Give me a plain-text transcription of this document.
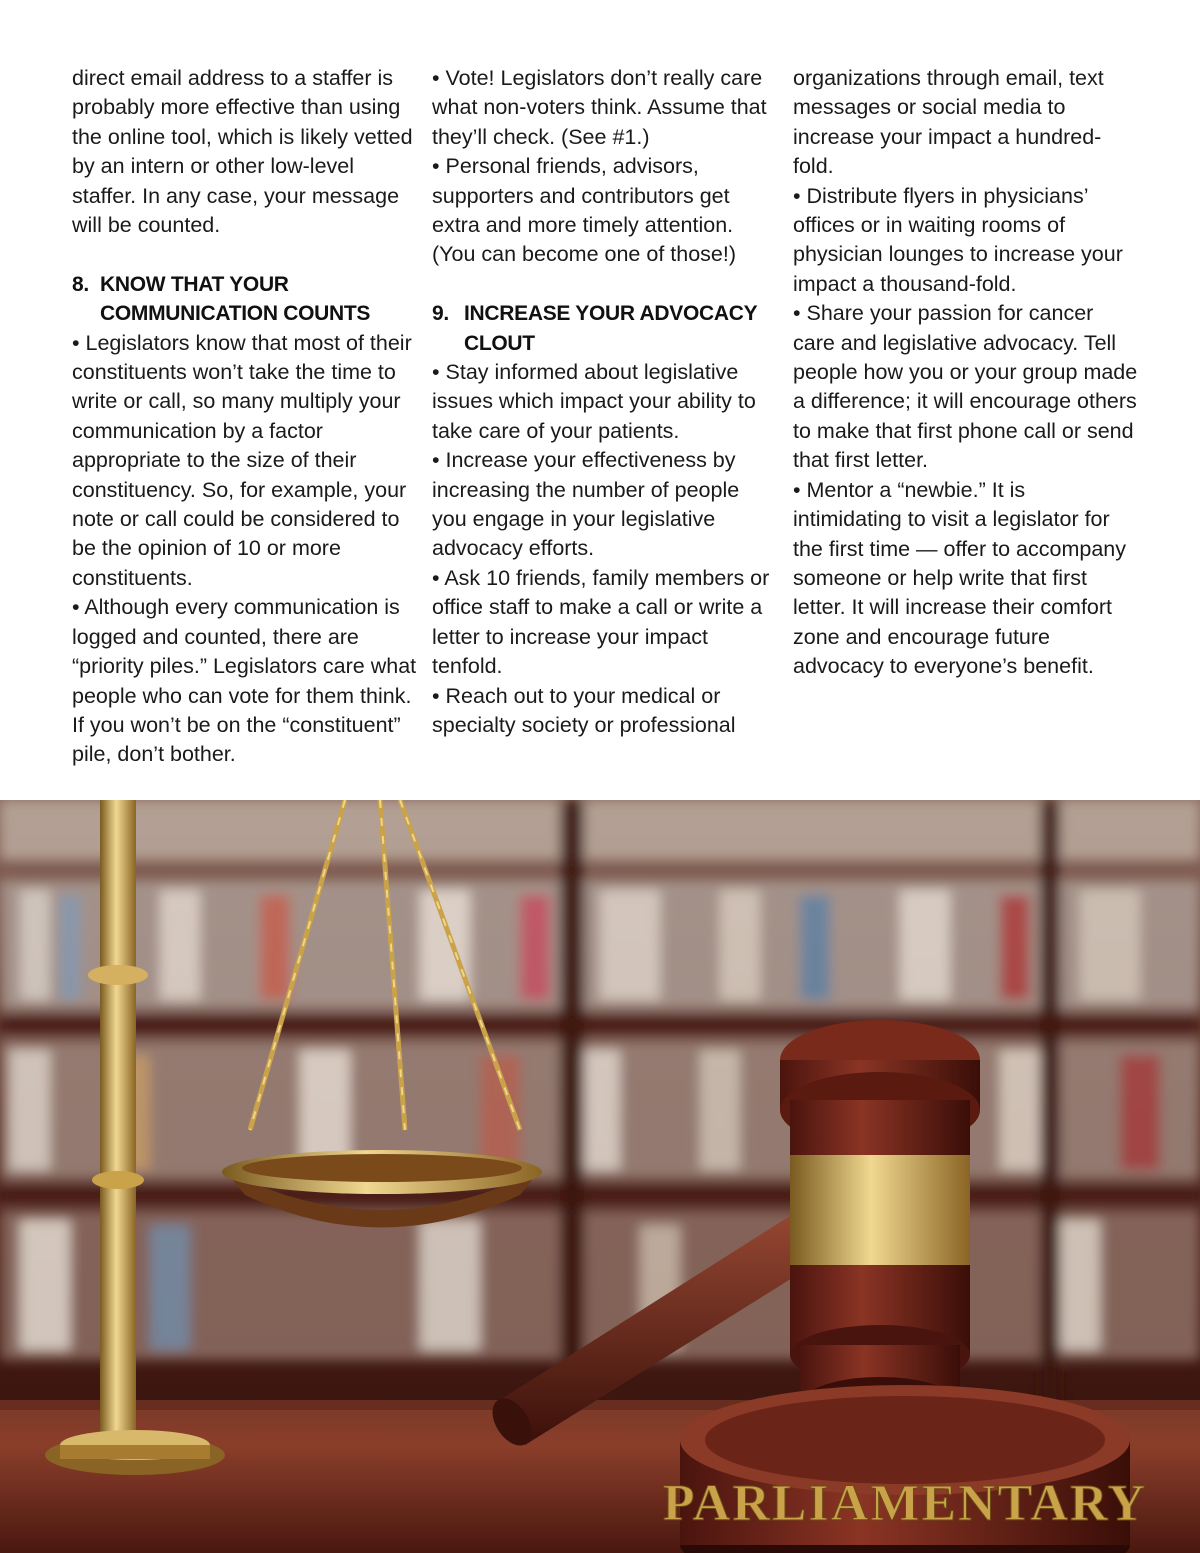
direct email address to a staffer is probably more effective than using the online tool, which is likely vetted by an intern or other low-level staffer. In any case, your message will be counted.

8. KNOW THAT YOUR COMMUNICATION COUNTS

• Legislators know that most of their constituents won’t take the time to write or call, so many multiply your communication by a factor appropriate to the size of their constituency. So, for example, your note or call could be considered to be the opinion of 10 or more constituents.

• Although every communication is logged and counted, there are “priority piles.” Legislators care what people who can vote for them think. If you won’t be on the “constituent” pile, don’t bother.

• Vote! Legislators don’t really care what non-voters think. Assume that they’ll check. (See #1.)

• Personal friends, advisors, supporters and contributors get extra and more timely attention. (You can become one of those!)

9. INCREASE YOUR ADVOCACY CLOUT

• Stay informed about legislative issues which impact your ability to take care of your patients.

• Increase your effectiveness by increasing the number of people you engage in your legislative advocacy efforts.

• Ask 10 friends, family members or office staff to make a call or write a letter to increase your impact tenfold.

• Reach out to your medical or specialty society or professional

organizations through email, text messages or social media to increase your impact a hundred-fold.

• Distribute flyers in physicians’ offices or in waiting rooms of physician lounges to increase your impact a thousand-fold.

• Share your passion for cancer care and legislative advocacy. Tell people how you or your group made a difference; it will encourage others to make that first phone call or send that first letter.

• Mentor a “newbie.” It is intimidating to visit a legislator for the first time — offer to accompany someone or help write that first letter. It will increase their comfort zone and encourage future advocacy to everyone’s benefit.

PARLIAMENTARY
